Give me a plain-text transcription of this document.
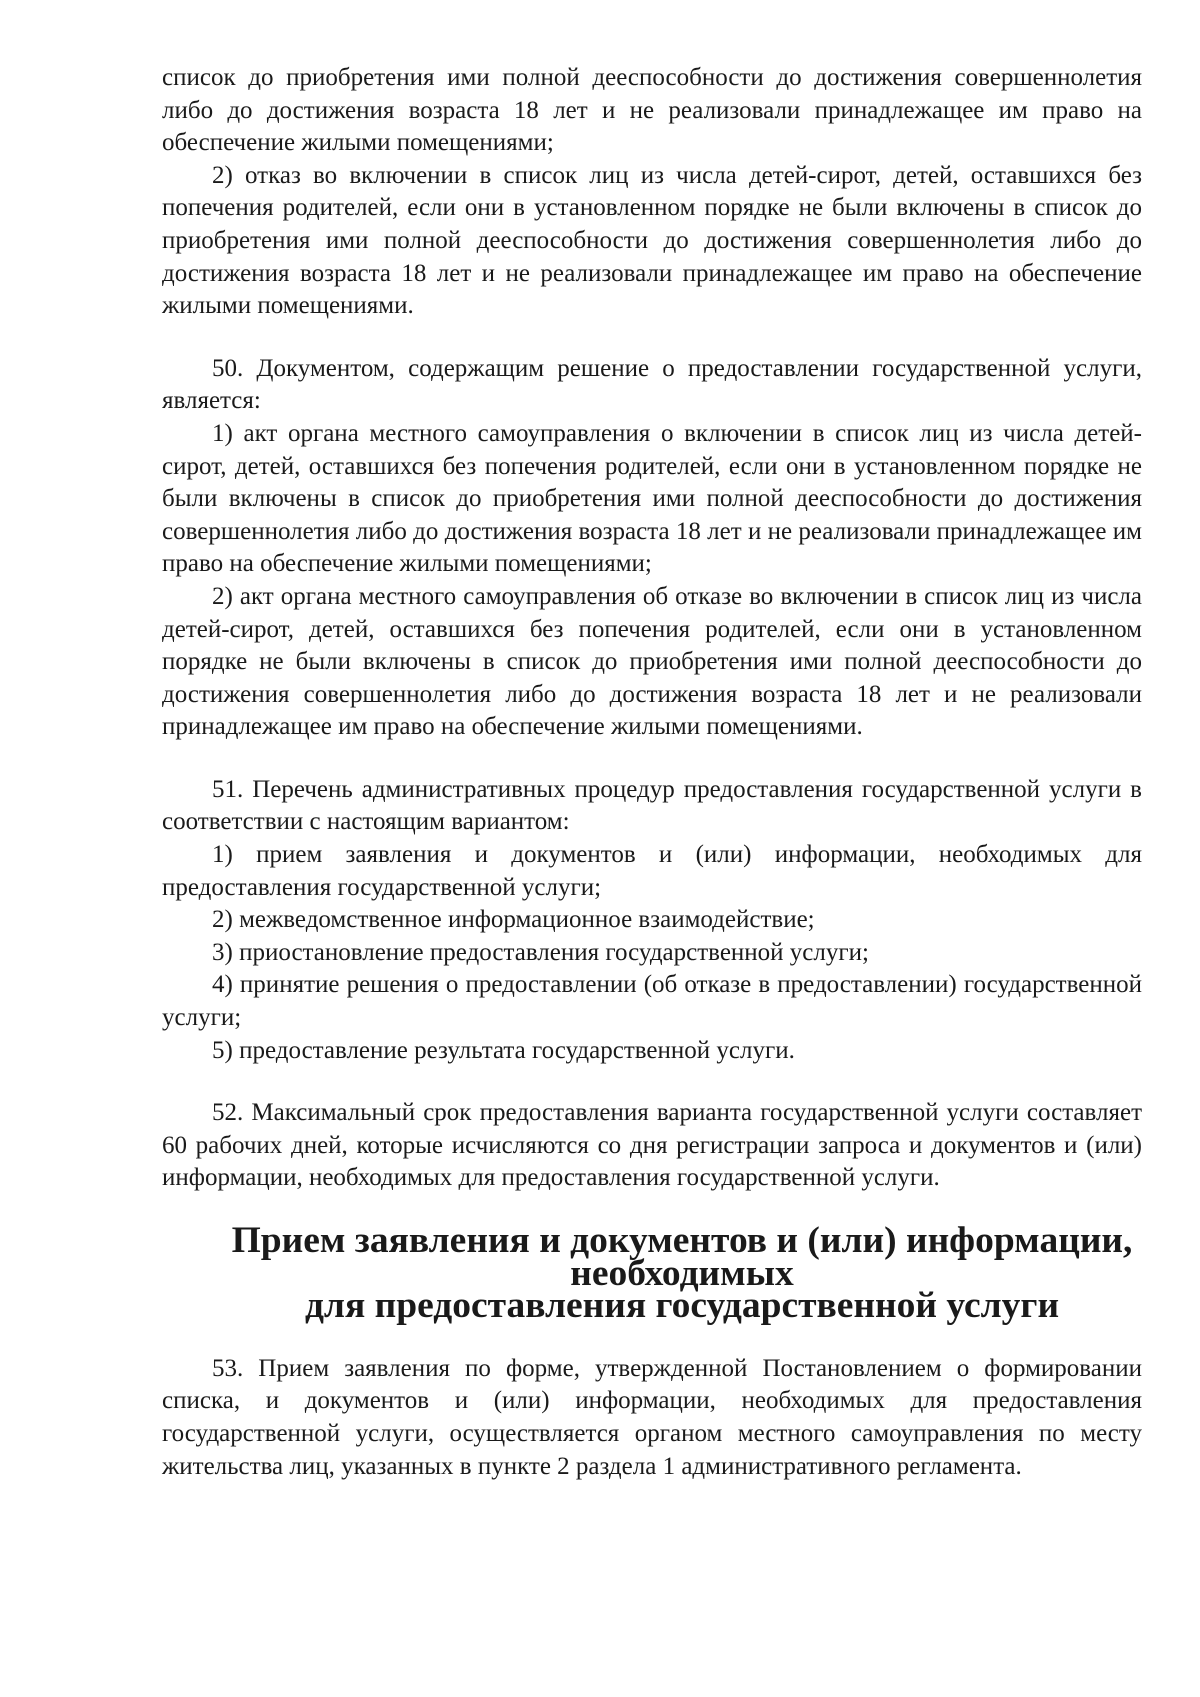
список до приобретения ими полной дееспособности до достижения совершеннолетия либо до достижения возраста 18 лет и не реализовали принадлежащее им право на обеспечение жилыми помещениями;

2) отказ во включении в список лиц из числа детей-сирот, детей, оставшихся без попечения родителей, если они в установленном порядке не были включены в список до приобретения ими полной дееспособности до достижения совершеннолетия либо до достижения возраста 18 лет и не реализовали принадлежащее им право на обеспечение жилыми помещениями.

50. Документом, содержащим решение о предоставлении государственной услуги, является:

1) акт органа местного самоуправления о включении в список лиц из числа детей-сирот, детей, оставшихся без попечения родителей, если они в установленном порядке не были включены в список до приобретения ими полной дееспособности до достижения совершеннолетия либо до достижения возраста 18 лет и не реализовали принадлежащее им право на обеспечение жилыми помещениями;

2) акт органа местного самоуправления об отказе во включении в список лиц из числа детей-сирот, детей, оставшихся без попечения родителей, если они в установленном порядке не были включены в список до приобретения ими полной дееспособности до достижения совершеннолетия либо до достижения возраста 18 лет и не реализовали принадлежащее им право на обеспечение жилыми помещениями.

51. Перечень административных процедур предоставления государственной услуги в соответствии с настоящим вариантом:

1) прием заявления и документов и (или) информации, необходимых для предоставления государственной услуги;

2) межведомственное информационное взаимодействие;

3) приостановление предоставления государственной услуги;

4) принятие решения о предоставлении (об отказе в предоставлении) государственной услуги;

5) предоставление результата государственной услуги.

52. Максимальный срок предоставления варианта государственной услуги составляет 60 рабочих дней, которые исчисляются со дня регистрации запроса и документов и (или) информации, необходимых для предоставления государственной услуги.

Прием заявления и документов и (или) информации, необходимых
для предоставления государственной услуги

53. Прием заявления по форме, утвержденной Постановлением о формировании списка, и документов и (или) информации, необходимых для предоставления государственной услуги, осуществляется органом местного самоуправления по месту жительства лиц, указанных в пункте 2 раздела 1 административного регламента.
